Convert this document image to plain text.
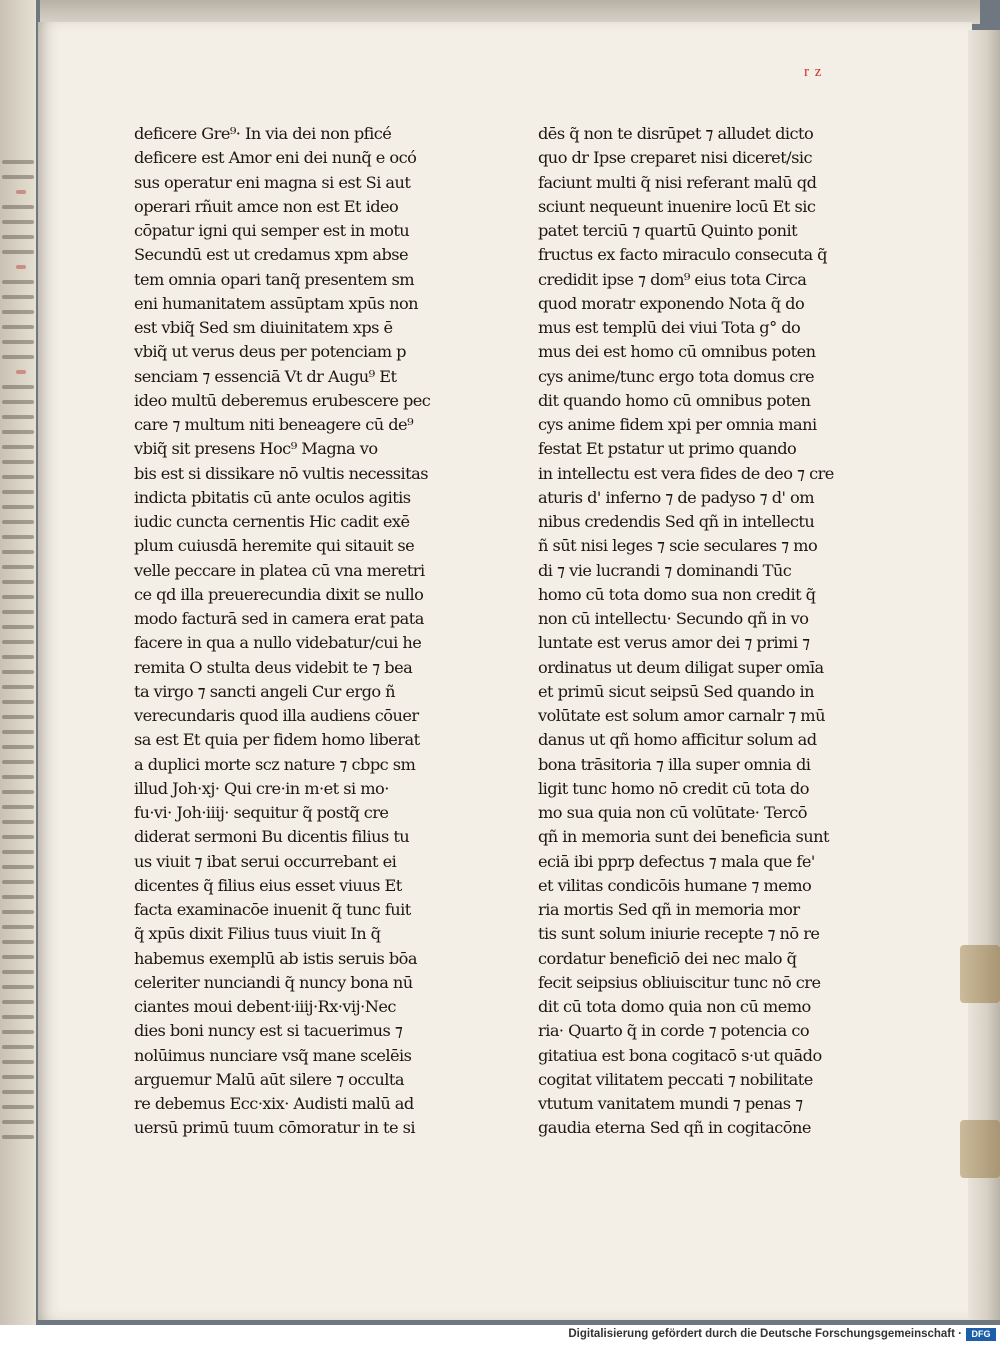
r z
deficere Gre⁹· In via dei non pficé
deficere est Amor eni dei nunq̃ e ocó
sus operatur eni magna si est Si aut
operari rñuit amce non est Et ideo
cōpatur igni qui semper est in motu
Secundū est ut credamus xpm abse
tem omnia opari tanq̃ presentem sm
eni humanitatem assūptam xpūs non
est vbiq̃ Sed sm diuinitatem xps ē
vbiq̃ ut verus deus per potenciam p
senciam ⁊ essenciā Vt dr Augu⁹ Et
ideo multū deberemus erubescere pec
care ⁊ multum niti beneagere cū de⁹
vbiq̃ sit presens Hoc⁹ Magna vo
bis est si dissikare nō vultis necessitas
indicta pbitatis cū ante oculos agitis
iudic cuncta cernentis Hic cadit exē
plum cuiusdā heremite qui sitauit se
velle peccare in platea cū vna meretri
ce qd illa preuerecundia dixit se nullo
modo facturā sed in camera erat pata
facere in qua a nullo videbatur/cui he
remita O stulta deus videbit te ⁊ bea
ta virgo ⁊ sancti angeli Cur ergo ñ
verecundaris quod illa audiens cōuer
sa est Et quia per fidem homo liberat
a duplici morte scz nature ⁊ cbpc sm
illud Joh·xj· Qui cre·in m·et si mo·
fu·vi· Joh·iiij· sequitur q̃ postq̃ cre
diderat sermoni Bu dicentis filius tu
us viuit ⁊ ibat serui occurrebant ei
dicentes q̃ filius eius esset viuus Et
facta examinacōe inuenit q̃ tunc fuit
q̃ xpūs dixit Filius tuus viuit In q̃
habemus exemplū ab istis seruis bōa
celeriter nunciandi q̃ nuncy bona nū
ciantes moui debent·iiij·Rx·vij·Nec
dies boni nuncy est si tacuerimus ⁊
nolūimus nunciare vsq̃ mane scelēis
arguemur Malū aūt silere ⁊ occulta
re debemus Ecc·xix· Audisti malū ad
uersū primū tuum cōmoratur in te si
dēs q̃ non te disrūpet ⁊ alludet dicto
quo dr Ipse creparet nisi diceret/sic
faciunt multi q̃ nisi referant malū qd
sciunt nequeunt inuenire locū Et sic
patet terciū ⁊ quartū Quinto ponit
fructus ex facto miraculo consecuta q̃
credidit ipse ⁊ dom⁹ eius tota Circa
quod moratr exponendo Nota q̃ do
mus est templū dei viui Tota g° do
mus dei est homo cū omnibus poten
cys anime/tunc ergo tota domus cre
dit quando homo cū omnibus poten
cys anime fidem xpi per omnia mani
festat Et pstatur ut primo quando
in intellectu est vera fides de deo ⁊ cre
aturis d' inferno ⁊ de padyso ⁊ d' om
nibus credendis Sed qñ in intellectu
ñ sūt nisi leges ⁊ scie seculares ⁊ mo
di ⁊ vie lucrandi ⁊ dominandi Tūc
homo cū tota domo sua non credit q̃
non cū intellectu· Secundo qñ in vo
luntate est verus amor dei ⁊ primi ⁊
ordinatus ut deum diligat super omīa
et primū sicut seipsū Sed quando in
volūtate est solum amor carnalr ⁊ mū
danus ut qñ homo afficitur solum ad
bona trāsitoria ⁊ illa super omnia di
ligit tunc homo nō credit cū tota do
mo sua quia non cū volūtate· Tercō
qñ in memoria sunt dei beneficia sunt
eciā ibi pprp defectus ⁊ mala que fe'
et vilitas condicōis humane ⁊ memo
ria mortis Sed qñ in memoria mor
tis sunt solum iniurie recepte ⁊ nō re
cordatur beneficiō dei nec malo q̃
fecit seipsius obliuiscitur tunc nō cre
dit cū tota domo quia non cū memo
ria· Quarto q̃ in corde ⁊ potencia co
gitatiua est bona cogitacō s·ut quādo
cogitat vilitatem peccati ⁊ nobilitate
vtutum vanitatem mundi ⁊ penas ⁊
gaudia eterna Sed qñ in cogitacōne
Digitalisierung gefördert durch die Deutsche Forschungsgemeinschaft ·	DFG
